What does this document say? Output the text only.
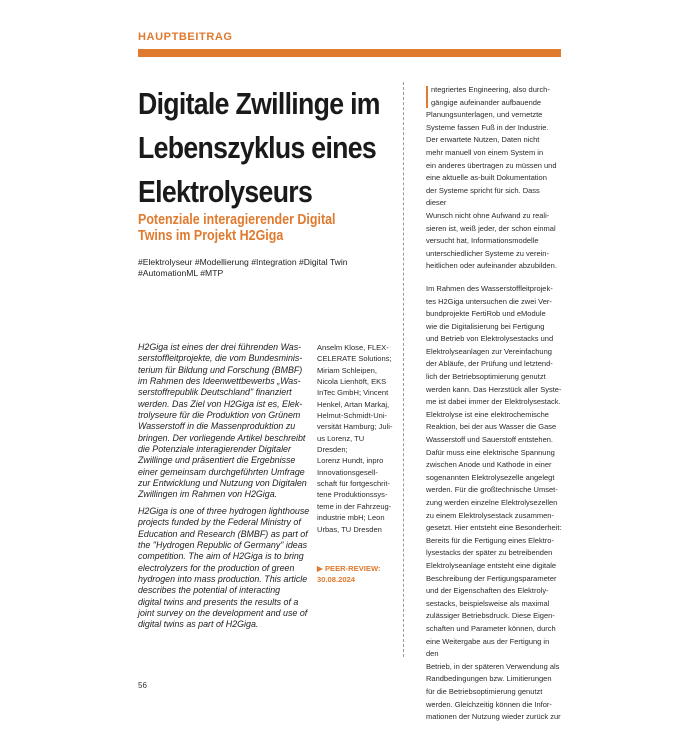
HAUPTBEITRAG
Digitale Zwillinge im
Lebenszyklus eines
Elektrolyseurs
Potenziale interagierender Digital
Twins im Projekt H2Giga
#Elektrolyseur #Modellierung #Integration #Digital Twin
#AutomationML #MTP

H2Giga ist eines der drei führenden Was-
serstoffleitprojekte, die vom Bundesminis-
terium für Bildung und Forschung (BMBF)
im Rahmen des Ideenwettbewerbs „Was-
serstoffrepublik Deutschland" finanziert
werden. Das Ziel von H2Giga ist es, Elek-
trolyseure für die Produktion von Grünem
Wasserstoff in die Massenproduktion zu
bringen. Der vorliegende Artikel beschreibt
die Potenziale interagierender Digitaler
Zwillinge und präsentiert die Ergebnisse
einer gemeinsam durchgeführten Umfrage
zur Entwicklung und Nutzung von Digitalen
Zwillingen im Rahmen von H2Giga.

H2Giga is one of three hydrogen lighthouse
projects funded by the Federal Ministry of
Education and Research (BMBF) as part of
the "Hydrogen Republic of Germany" ideas
competition. The aim of H2Giga is to bring
electrolyzers for the production of green
hydrogen into mass production. This article
describes the potential of interacting
digital twins and presents the results of a
joint survey on the development and use of
digital twins as part of H2Giga.

Anselm Klose, FLEX-
CELERATE Solutions;
Miriam Schleipen,
Nicola Lienhöft, EKS
InTec GmbH; Vincent
Henkel, Artan Markaj,
Helmut-Schmidt-Uni-
versität Hamburg; Juli-
us Lorenz, TU Dresden;
Lorenz Hundt, inpro
Innovationsgesell-
schaft für fortgeschrit-
tene Produktionssys-
teme in der Fahrzeug-
industrie mbH; Leon
Urbas, TU Dresden
▶ PEER-REVIEW:
30.08.2024

ntegriertes Engineering, also durch-
gängige aufeinander aufbauende
Planungsunterlagen, und vernetzte
Systeme fassen Fuß in der Industrie.
Der erwartete Nutzen, Daten nicht
mehr manuell von einem System in
ein anderes übertragen zu müssen und
eine aktuelle as-built Dokumentation
der Systeme spricht für sich. Dass dieser
Wunsch nicht ohne Aufwand zu reali-
sieren ist, weiß jeder, der schon einmal
versucht hat, Informationsmodelle
unterschiedlicher Systeme zu verein-
heitlichen oder aufeinander abzubilden.

Im Rahmen des Wasserstoffleitprojek-
tes H2Giga untersuchen die zwei Ver-
bundprojekte FertiRob und eModule
wie die Digitalisierung bei Fertigung
und Betrieb von Elektrolysestacks und
Elektrolyseanlagen zur Vereinfachung
der Abläufe, der Prüfung und letztend-
lich der Betriebsoptimierung genutzt
werden kann. Das Herzstück aller Syste-
me ist dabei immer der Elektrolysestack.
Elektrolyse ist eine elektrochemische
Reaktion, bei der aus Wasser die Gase
Wasserstoff und Sauerstoff entstehen.
Dafür muss eine elektrische Spannung
zwischen Anode und Kathode in einer
sogenannten Elektrolysezelle angelegt
werden. Für die großtechnische Umset-
zung werden einzelne Elektrolysezellen
zu einem Elektrolysestack zusammen-
gesetzt. Hier entsteht eine Besonderheit:
Bereits für die Fertigung eines Elektro-
lysestacks der später zu betreibenden
Elektrolyseanlage entsteht eine digitale
Beschreibung der Fertigungsparameter
und der Eigenschaften des Elektroly-
sestacks, beispielsweise als maximal
zulässiger Betriebsdruck. Diese Eigen-
schaften und Parameter können, durch
eine Weitergabe aus der Fertigung in den
Betrieb, in der späteren Verwendung als
Randbedingungen bzw. Limitierungen
für die Betriebsoptimierung genutzt
werden. Gleichzeitig können die Infor-
mationen der Nutzung wieder zurück zur

56
